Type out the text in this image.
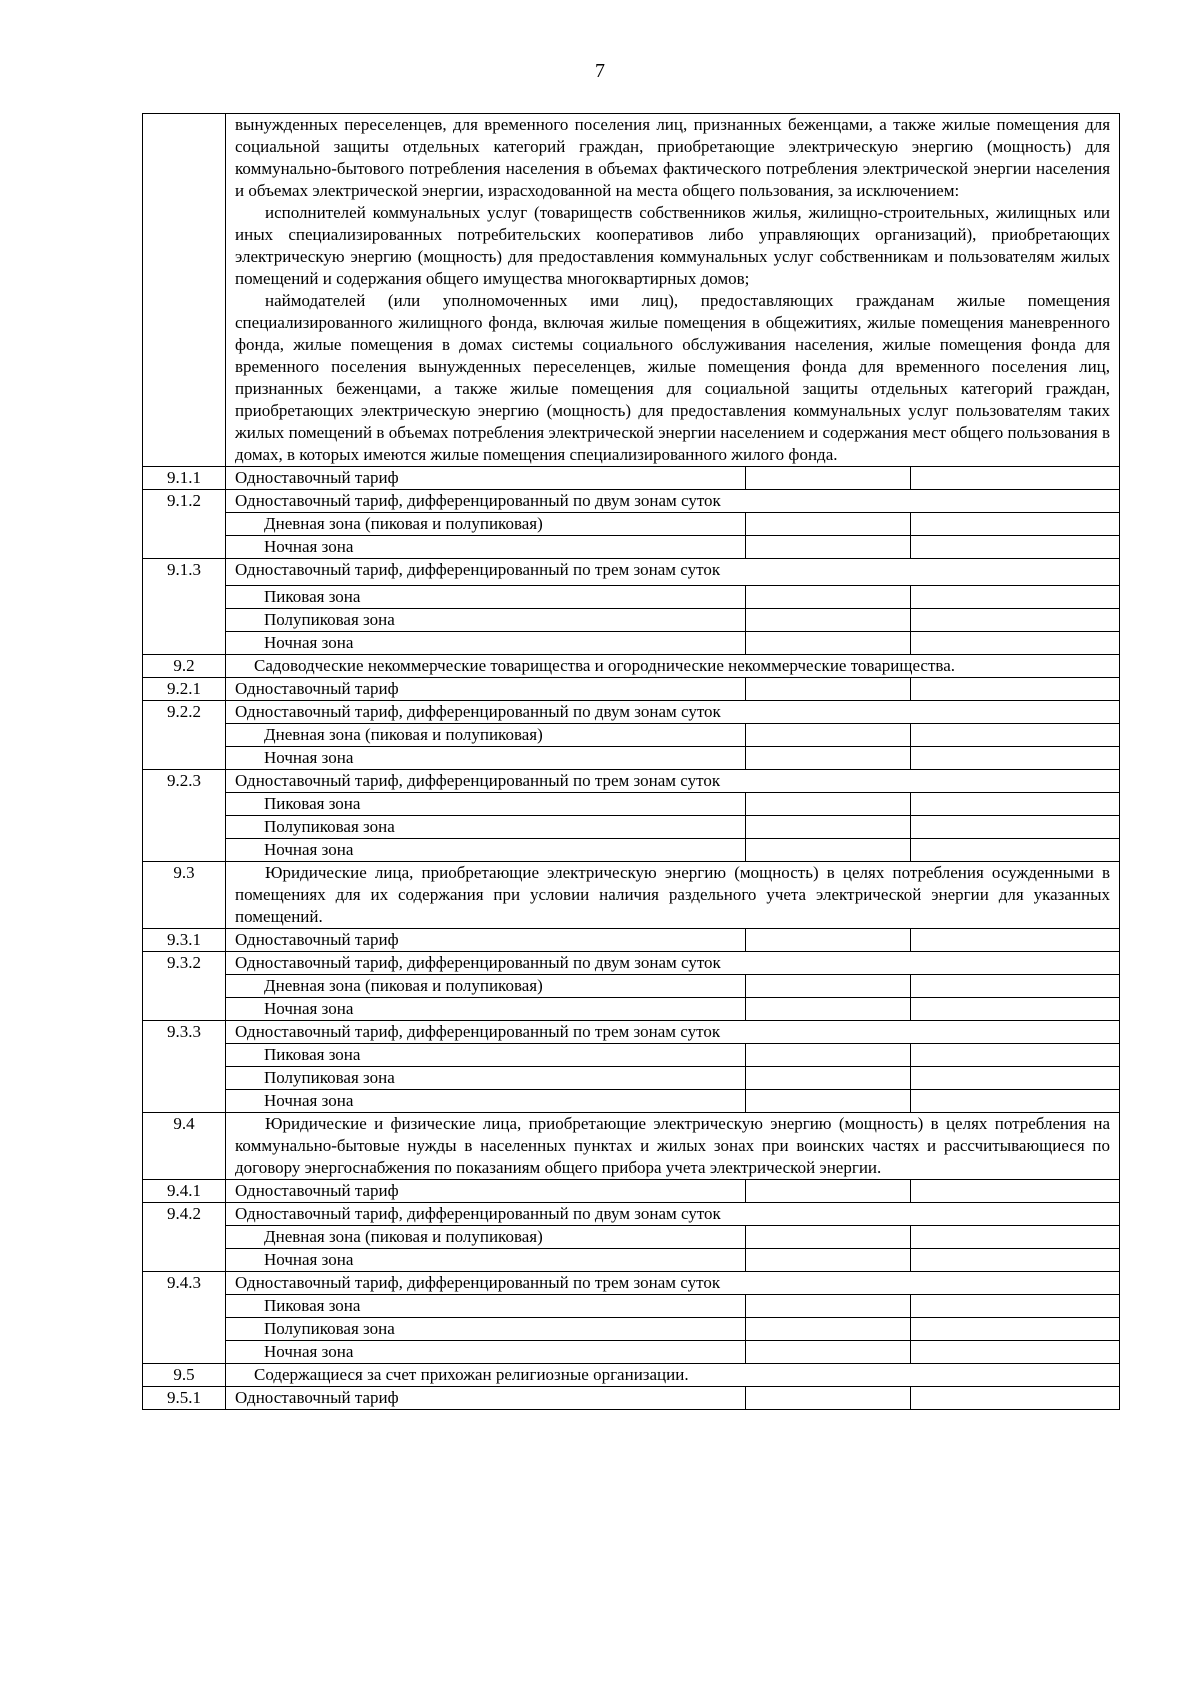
7

	вынужденных переселенцев, для временного поселения лиц, признанных беженцами, а также жилые помещения для социальной защиты отдельных категорий граждан, приобретающие электрическую энергию (мощность) для коммунально-бытового потребления населения в объемах фактического потребления электрической энергии населения и объемах электрической энергии, израсходованной на места общего пользования, за исключением:

исполнителей коммунальных услуг (товариществ собственников жилья, жилищно-строительных, жилищных или иных специализированных потребительских кооперативов либо управляющих организаций), приобретающих электрическую энергию (мощность) для предоставления коммунальных услуг собственникам и пользователям жилых помещений и содержания общего имущества многоквартирных домов;

наймодателей (или уполномоченных ими лиц), предоставляющих гражданам жилые помещения специализированного жилищного фонда, включая жилые помещения в общежитиях, жилые помещения маневренного фонда, жилые помещения в домах системы социального обслуживания населения, жилые помещения фонда для временного поселения вынужденных переселенцев, жилые помещения фонда для временного поселения лиц, признанных беженцами, а также жилые помещения для социальной защиты отдельных категорий граждан, приобретающих электрическую энергию (мощность) для предоставления коммунальных услуг пользователям таких жилых помещений в объемах потребления электрической энергии населением и содержания мест общего пользования в домах, в которых имеются жилые помещения специализированного жилого фонда.		

9.1.1	Одноставочный тариф		
9.1.2	Одноставочный тариф, дифференцированный по двум зонам суток		
	Дневная зона (пиковая и полупиковая)		
	Ночная зона		
9.1.3	Одноставочный тариф, дифференцированный по трем зонам суток		
	Пиковая зона		
	Полупиковая зона		
	Ночная зона		
9.2	Садоводческие некоммерческие товарищества и огороднические некоммерческие товарищества.		
9.2.1	Одноставочный тариф		
9.2.2	Одноставочный тариф, дифференцированный по двум зонам суток		
	Дневная зона (пиковая и полупиковая)		
	Ночная зона		
9.2.3	Одноставочный тариф, дифференцированный по трем зонам суток		
	Пиковая зона		
	Полупиковая зона		
	Ночная зона		
9.3	Юридические лица, приобретающие электрическую энергию (мощность) в целях потребления осужденными в помещениях для их содержания при условии наличия раздельного учета электрической энергии для указанных помещений.		

9.3.1	Одноставочный тариф		
9.3.2	Одноставочный тариф, дифференцированный по двум зонам суток		
	Дневная зона (пиковая и полупиковая)		
	Ночная зона		
9.3.3	Одноставочный тариф, дифференцированный по трем зонам суток		
	Пиковая зона		
	Полупиковая зона		
	Ночная зона		
9.4	Юридические и физические лица, приобретающие электрическую энергию (мощность) в целях потребления на коммунально-бытовые нужды в населенных пунктах и жилых зонах при воинских частях и рассчитывающиеся по договору энергоснабжения по показаниям общего прибора учета электрической энергии.		

9.4.1	Одноставочный тариф		
9.4.2	Одноставочный тариф, дифференцированный по двум зонам суток		
	Дневная зона (пиковая и полупиковая)		
	Ночная зона		
9.4.3	Одноставочный тариф, дифференцированный по трем зонам суток		
	Пиковая зона		
	Полупиковая зона		
	Ночная зона		
9.5	Содержащиеся за счет прихожан религиозные организации.		
9.5.1	Одноставочный тариф		
